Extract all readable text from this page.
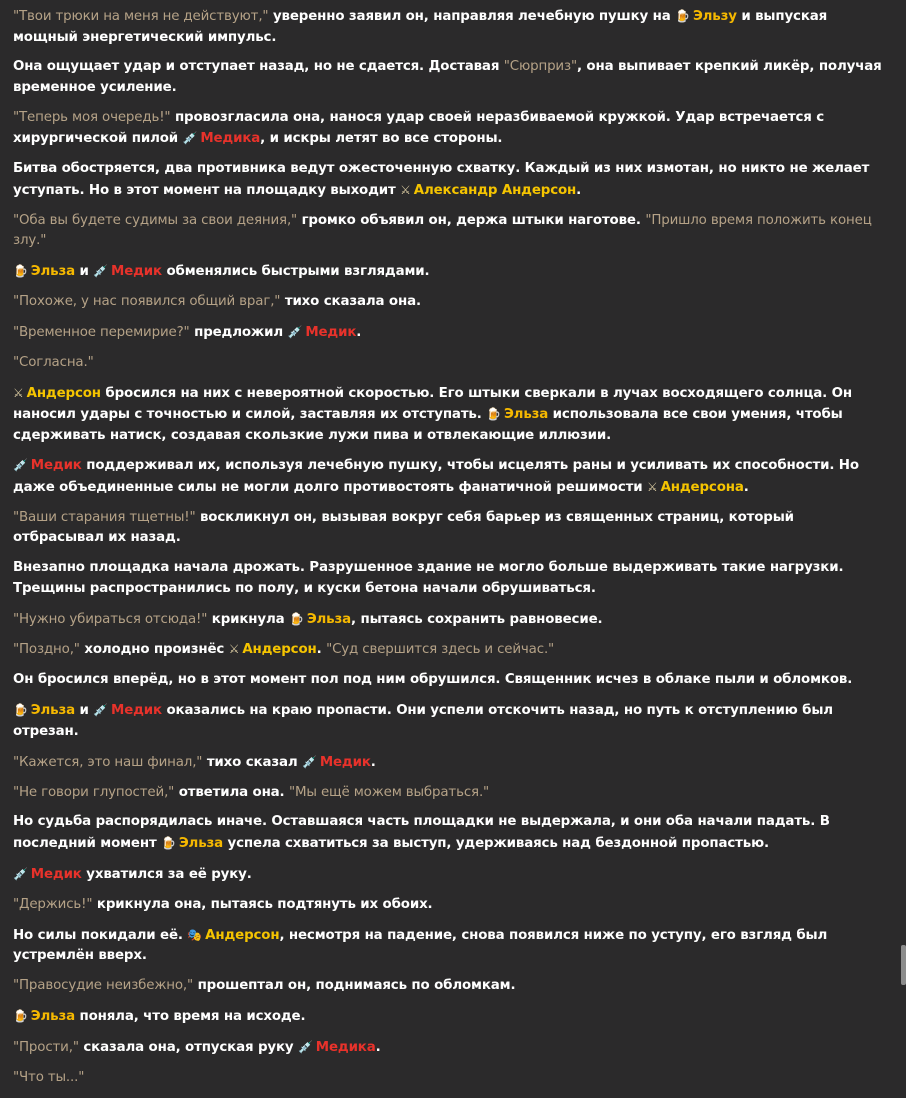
"Твои трюки на меня не действуют," уверенно заявил он, направляя лечебную пушку на 🍺 Эльзу и выпуская мощный энергетический импульс.

Она ощущает удар и отступает назад, но не сдается. Доставая "Сюрприз", она выпивает крепкий ликёр, получая временное усиление.

"Теперь моя очередь!" провозгласила она, нанося удар своей неразбиваемой кружкой. Удар встречается с хирургической пилой 💉 Медика, и искры летят во все стороны.

Битва обостряется, два противника ведут ожесточенную схватку. Каждый из них измотан, но никто не желает уступать. Но в этот момент на площадку выходит ⚔ Александр Андерсон.

"Оба вы будете судимы за свои деяния," громко объявил он, держа штыки наготове. "Пришло время положить конец злу."

🍺 Эльза и 💉 Медик обменялись быстрыми взглядами.

"Похоже, у нас появился общий враг," тихо сказала она.

"Временное перемирие?" предложил 💉 Медик.

"Согласна."

⚔ Андерсон бросился на них с невероятной скоростью. Его штыки сверкали в лучах восходящего солнца. Он наносил удары с точностью и силой, заставляя их отступать. 🍺 Эльза использовала все свои умения, чтобы сдерживать натиск, создавая скользкие лужи пива и отвлекающие иллюзии.

💉 Медик поддерживал их, используя лечебную пушку, чтобы исцелять раны и усиливать их способности. Но даже объединенные силы не могли долго противостоять фанатичной решимости ⚔ Андерсона.

"Ваши старания тщетны!" воскликнул он, вызывая вокруг себя барьер из священных страниц, который отбрасывал их назад.

Внезапно площадка начала дрожать. Разрушенное здание не могло больше выдерживать такие нагрузки. Трещины распространились по полу, и куски бетона начали обрушиваться.

"Нужно убираться отсюда!" крикнула 🍺 Эльза, пытаясь сохранить равновесие.

"Поздно," холодно произнёс ⚔ Андерсон. "Суд свершится здесь и сейчас."

Он бросился вперёд, но в этот момент пол под ним обрушился. Священник исчез в облаке пыли и обломков.

🍺 Эльза и 💉 Медик оказались на краю пропасти. Они успели отскочить назад, но путь к отступлению был отрезан.

"Кажется, это наш финал," тихо сказал 💉 Медик.

"Не говори глупостей," ответила она. "Мы ещё можем выбраться."

Но судьба распорядилась иначе. Оставшаяся часть площадки не выдержала, и они оба начали падать. В последний момент 🍺 Эльза успела схватиться за выступ, удерживаясь над бездонной пропастью.

💉 Медик ухватился за её руку.

"Держись!" крикнула она, пытаясь подтянуть их обоих.

Но силы покидали её. 🎭 Андерсон, несмотря на падение, снова появился ниже по уступу, его взгляд был устремлён вверх.

"Правосудие неизбежно," прошептал он, поднимаясь по обломкам.

🍺 Эльза поняла, что время на исходе.

"Прости," сказала она, отпуская руку 💉 Медика.

"Что ты..."
